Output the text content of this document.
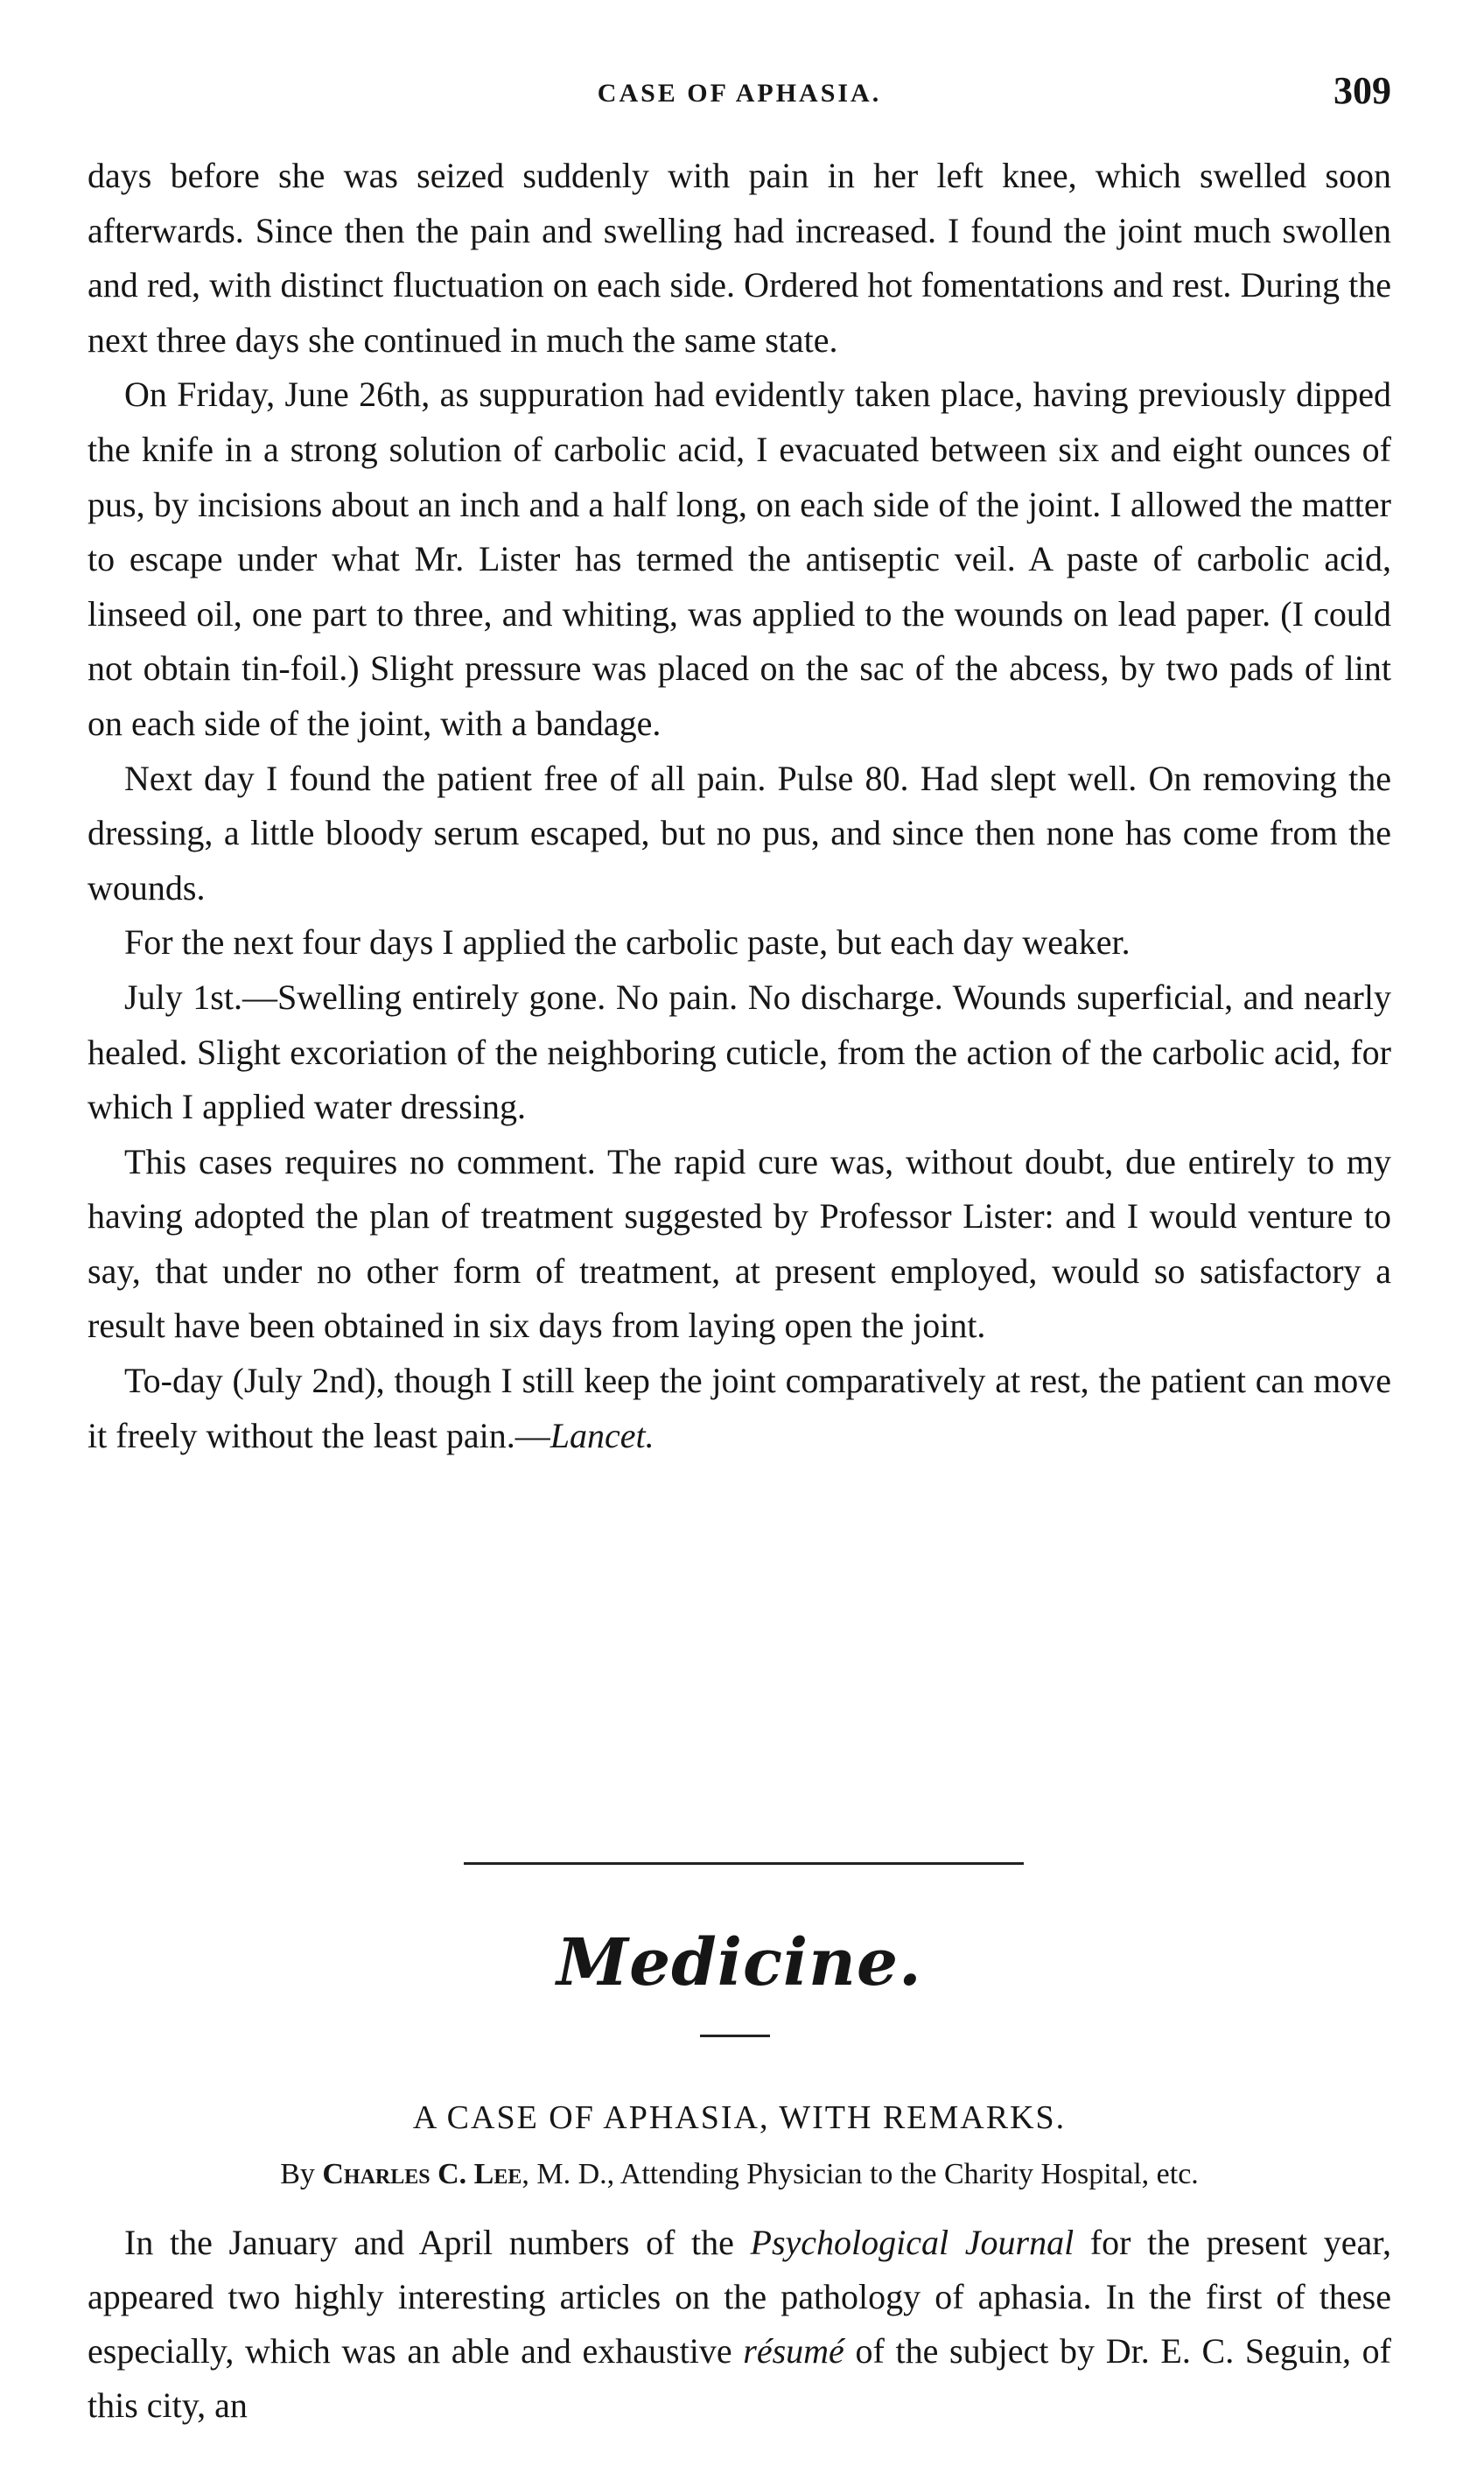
CASE OF APHASIA.	309

days before she was seized suddenly with pain in her left knee, which swelled soon afterwards. Since then the pain and swelling had increased. I found the joint much swollen and red, with distinct fluctuation on each side. Ordered hot fomentations and rest. During the next three days she continued in much the same state.

On Friday, June 26th, as suppuration had evidently taken place, having previously dipped the knife in a strong solution of carbolic acid, I evacuated between six and eight ounces of pus, by incisions about an inch and a half long, on each side of the joint. I allowed the matter to escape under what Mr. Lister has termed the antiseptic veil. A paste of carbolic acid, linseed oil, one part to three, and whiting, was applied to the wounds on lead paper. (I could not obtain tin-foil.) Slight pressure was placed on the sac of the abcess, by two pads of lint on each side of the joint, with a bandage.

Next day I found the patient free of all pain. Pulse 80. Had slept well. On removing the dressing, a little bloody serum escaped, but no pus, and since then none has come from the wounds.

For the next four days I applied the carbolic paste, but each day weaker.

July 1st.—Swelling entirely gone. No pain. No discharge. Wounds superficial, and nearly healed. Slight excoriation of the neighboring cuticle, from the action of the carbolic acid, for which I applied water dressing.

This cases requires no comment. The rapid cure was, without doubt, due entirely to my having adopted the plan of treatment suggested by Professor Lister: and I would venture to say, that under no other form of treatment, at present employed, would so satisfactory a result have been obtained in six days from laying open the joint.

To-day (July 2nd), though I still keep the joint comparatively at rest, the patient can move it freely without the least pain.—Lancet.

Medicine.
A CASE OF APHASIA, WITH REMARKS.
By Charles C. Lee, M. D., Attending Physician to the Charity Hospital, etc.

In the January and April numbers of the Psychological Journal for the present year, appeared two highly interesting articles on the pathology of aphasia. In the first of these especially, which was an able and exhaustive résumé of the subject by Dr. E. C. Seguin, of this city, an
